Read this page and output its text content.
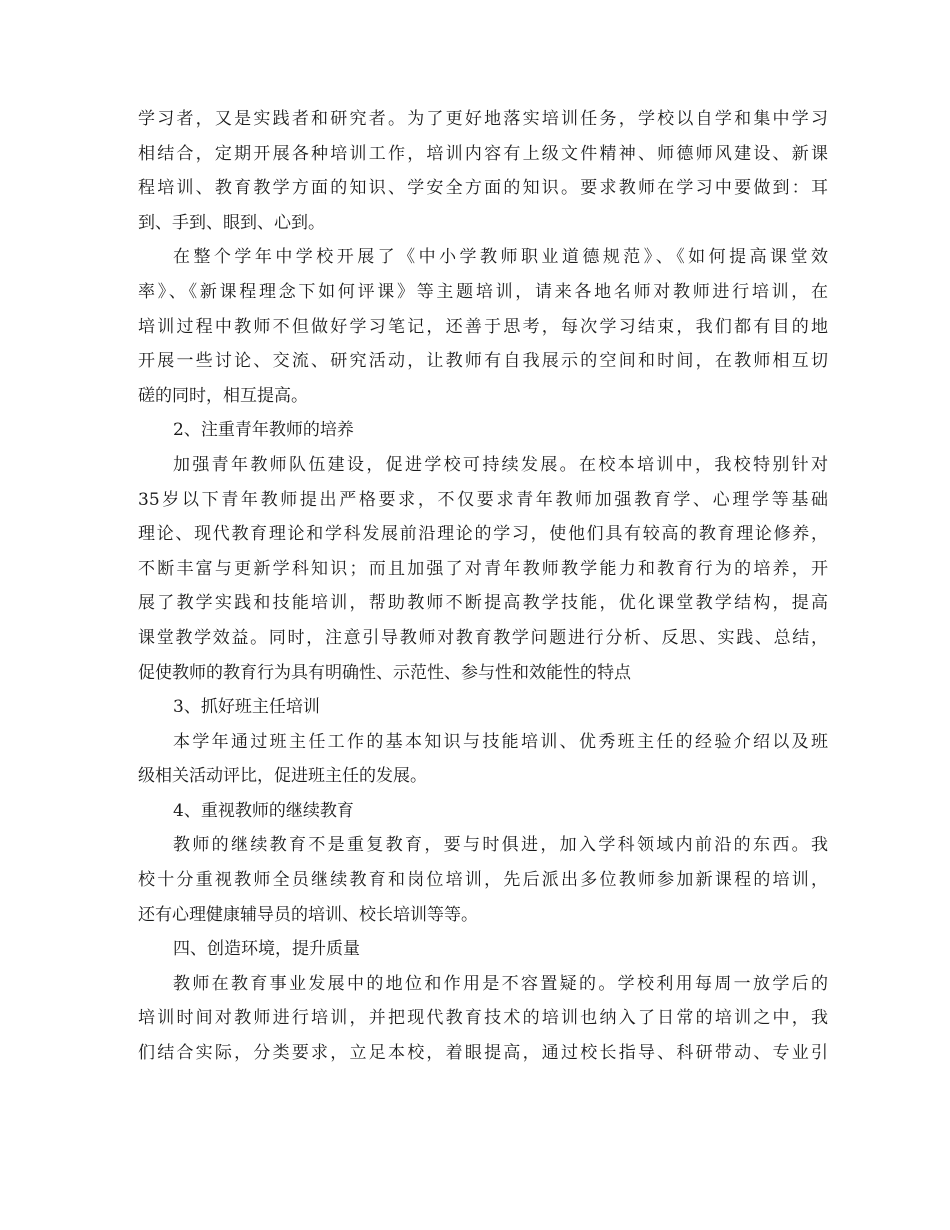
学习者，又是实践者和研究者。为了更好地落实培训任务，学校以自学和集中学习
相结合，定期开展各种培训工作，培训内容有上级文件精神、师德师风建设、新课
程培训、教育教学方面的知识、学安全方面的知识。要求教师在学习中要做到：耳
到、手到、眼到、心到。
在整个学年中学校开展了《中小学教师职业道德规范》、《如何提高课堂效
率》、《新课程理念下如何评课》等主题培训，请来各地名师对教师进行培训，在
培训过程中教师不但做好学习笔记，还善于思考，每次学习结束，我们都有目的地
开展一些讨论、交流、研究活动，让教师有自我展示的空间和时间，在教师相互切
磋的同时，相互提高。
2、注重青年教师的培养
加强青年教师队伍建设，促进学校可持续发展。在校本培训中，我校特别针对
35岁以下青年教师提出严格要求，不仅要求青年教师加强教育学、心理学等基础
理论、现代教育理论和学科发展前沿理论的学习，使他们具有较高的教育理论修养，
不断丰富与更新学科知识；而且加强了对青年教师教学能力和教育行为的培养，开
展了教学实践和技能培训，帮助教师不断提高教学技能，优化课堂教学结构，提高
课堂教学效益。同时，注意引导教师对教育教学问题进行分析、反思、实践、总结，
促使教师的教育行为具有明确性、示范性、参与性和效能性的特点
3、抓好班主任培训
本学年通过班主任工作的基本知识与技能培训、优秀班主任的经验介绍以及班
级相关活动评比，促进班主任的发展。
4、重视教师的继续教育
教师的继续教育不是重复教育，要与时俱进，加入学科领域内前沿的东西。我
校十分重视教师全员继续教育和岗位培训，先后派出多位教师参加新课程的培训，
还有心理健康辅导员的培训、校长培训等等。
四、创造环境，提升质量
教师在教育事业发展中的地位和作用是不容置疑的。学校利用每周一放学后的
培训时间对教师进行培训，并把现代教育技术的培训也纳入了日常的培训之中，我
们结合实际，分类要求，立足本校，着眼提高，通过校长指导、科研带动、专业引
